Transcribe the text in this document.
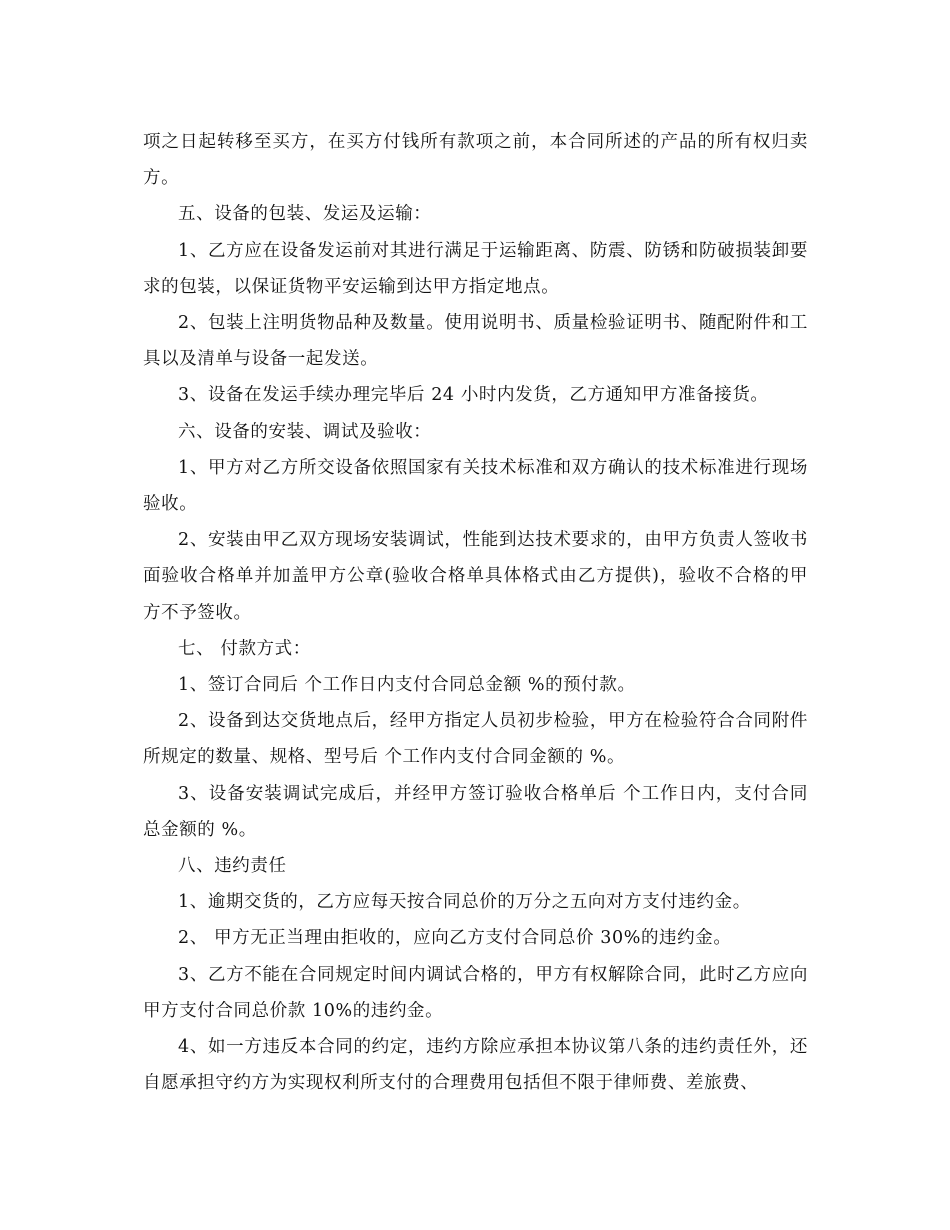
项之日起转移至买方，在买方付钱所有款项之前，本合同所述的产品的所有权归卖方。

五、设备的包装、发运及运输：

1、乙方应在设备发运前对其进行满足于运输距离、防震、防锈和防破损装卸要求的包装，以保证货物平安运输到达甲方指定地点。

2、包装上注明货物品种及数量。使用说明书、质量检验证明书、随配附件和工具以及清单与设备一起发送。

3、设备在发运手续办理完毕后 24 小时内发货，乙方通知甲方准备接货。

六、设备的安装、调试及验收：

1、甲方对乙方所交设备依照国家有关技术标准和双方确认的技术标准进行现场验收。

2、安装由甲乙双方现场安装调试，性能到达技术要求的，由甲方负责人签收书面验收合格单并加盖甲方公章(验收合格单具体格式由乙方提供)，验收不合格的甲方不予签收。

七、 付款方式：

1、签订合同后 个工作日内支付合同总金额 %的预付款。

2、设备到达交货地点后，经甲方指定人员初步检验，甲方在检验符合合同附件所规定的数量、规格、型号后 个工作内支付合同金额的 %。

3、设备安装调试完成后，并经甲方签订验收合格单后 个工作日内，支付合同总金额的 %。

八、违约责任

1、逾期交货的，乙方应每天按合同总价的万分之五向对方支付违约金。

2、 甲方无正当理由拒收的，应向乙方支付合同总价 30%的违约金。

3、乙方不能在合同规定时间内调试合格的，甲方有权解除合同，此时乙方应向甲方支付合同总价款 10%的违约金。

4、如一方违反本合同的约定，违约方除应承担本协议第八条的违约责任外，还自愿承担守约方为实现权利所支付的合理费用包括但不限于律师费、差旅费、
